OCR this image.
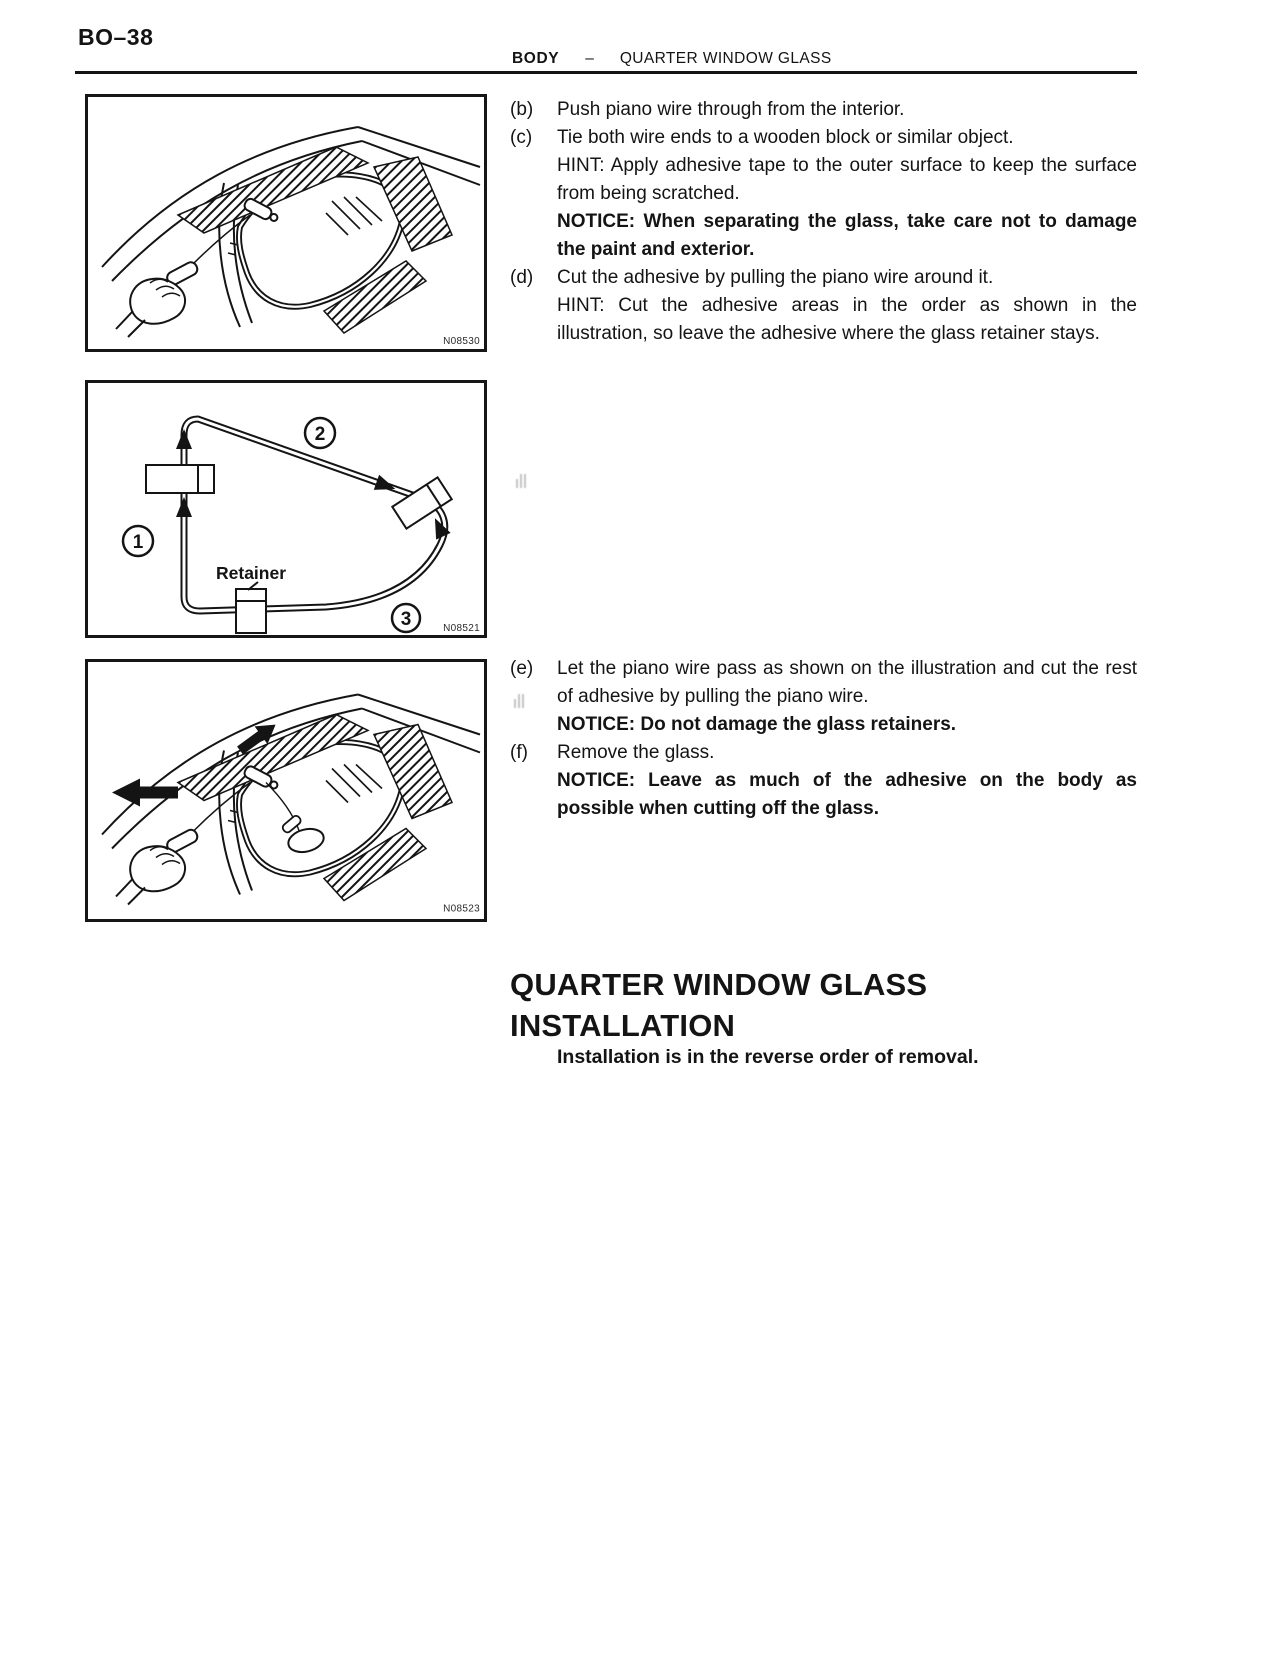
BO–38
BODY – QUARTER WINDOW GLASS
N08530
1
2
3
Retainer
N08521
N08523
(b)	Push piano wire through from the interior.

(c)	Tie both wire ends to a wooden block or similar object.

HINT: Apply adhesive tape to the outer surface to keep the surface from being scratched.

NOTICE: When separating the glass, take care not to damage the paint and exterior.

(d)	Cut the adhesive by pulling the piano wire around it.

HINT: Cut the adhesive areas in the order as shown in the illustration, so leave the adhesive where the glass retainer stays.

(e)	Let the piano wire pass as shown on the illustration and cut the rest of adhesive by pulling the piano wire.

NOTICE: Do not damage the glass retainers.

(f)	Remove the glass.

NOTICE: Leave as much of the adhesive on the body as possible when cutting off the glass.

QUARTER WINDOW GLASS
INSTALLATION
Installation is in the reverse order of removal.
